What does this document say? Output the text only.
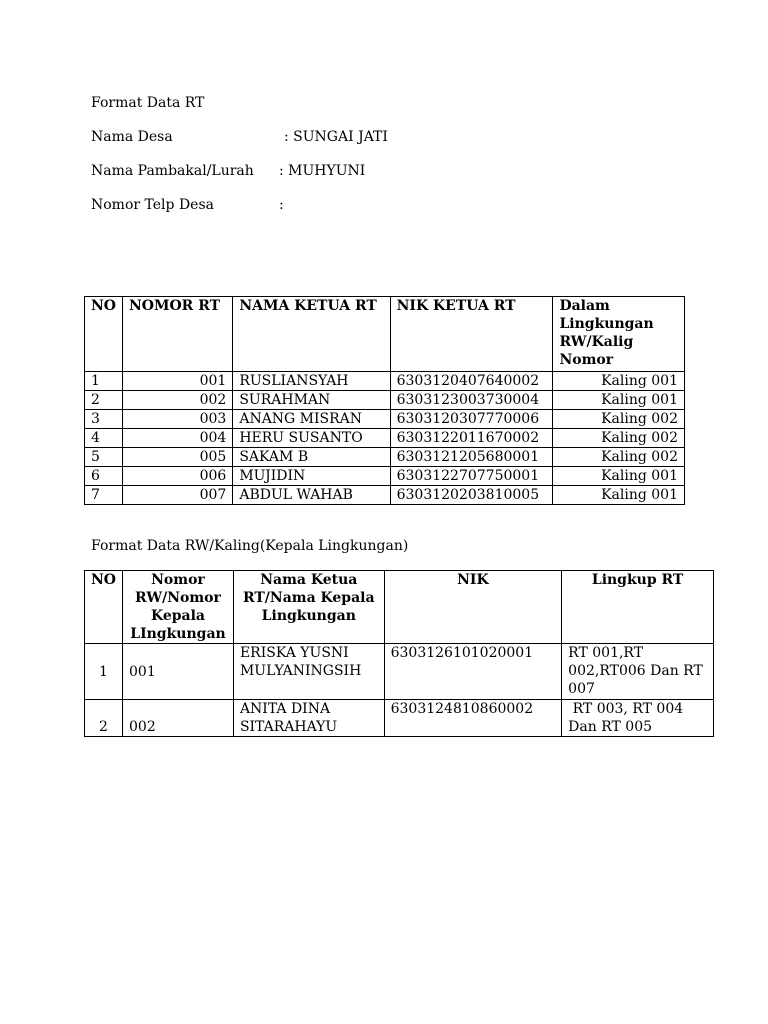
Format Data RT
Nama Desa	: SUNGAI JATI
Nama Pambakal/Lurah : MUHYUNI
Nomor Telp Desa	:
NO	NOMOR RT	NAMA KETUA RT	NIK KETUA RT	Dalam Lingkungan RW/Kalig Nomor
1	001	RUSLIANSYAH	6303120407640002	Kaling 001
2	002	SURAHMAN	6303123003730004	Kaling 001
3	003	ANANG MISRAN	6303120307770006	Kaling 002
4	004	HERU SUSANTO	6303122011670002	Kaling 002
5	005	SAKAM B	6303121205680001	Kaling 002
6	006	MUJIDIN	6303122707750001	Kaling 001
7	007	ABDUL WAHAB	6303120203810005	Kaling 001
Format Data RW/Kaling(Kepala Lingkungan)
NO	Nomor RW/Nomor Kepala LIngkungan	Nama Ketua RT/Nama Kepala Lingkungan	NIK	Lingkup RT
1	001	ERISKA YUSNI MULYANINGSIH	6303126101020001	RT 001,RT 002,RT006 Dan RT 007
2	002	ANITA DINA SITARAHAYU	6303124810860002	RT 003, RT 004 Dan RT 005
